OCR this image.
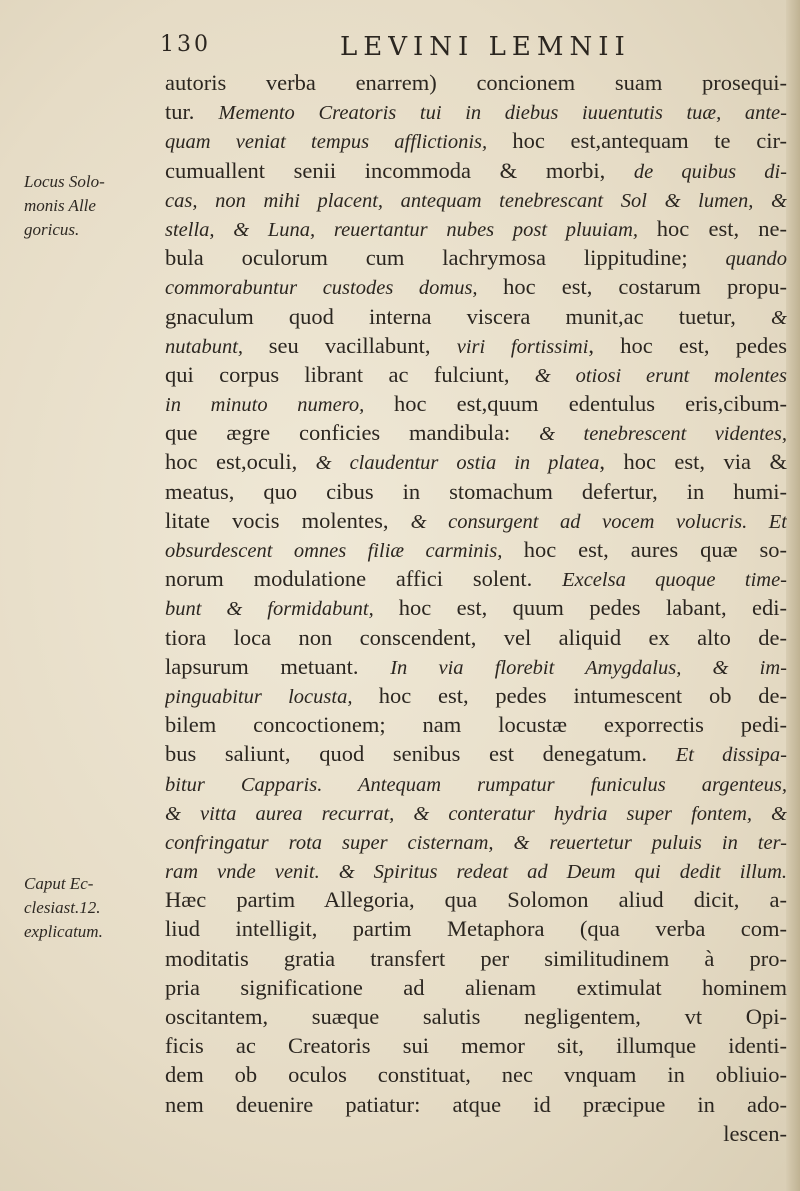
130	LEVINI LEMNII
Locus Solo-
monis Alle
goricus.
Caput Ec-
clesiast.12.
explicatum.
autoris verba enarrem) concionem suam prosequi-
tur. Memento Creatoris tui in diebus iuuentutis tuæ, ante-
quam veniat tempus afflictionis, hoc est,antequam te cir-
cumuallent senii incommoda & morbi, de quibus di-
cas, non mihi placent, antequam tenebrescant Sol & lumen, &
stella, & Luna, reuertantur nubes post pluuiam, hoc est, ne-
bula oculorum cum lachrymosa lippitudine; quando
commorabuntur custodes domus, hoc est, costarum propu-
gnaculum quod interna viscera munit,ac tuetur, &
nutabunt, seu vacillabunt, viri fortissimi, hoc est, pedes
qui corpus librant ac fulciunt, & otiosi erunt molentes
in minuto numero, hoc est,quum edentulus eris,cibum-
que ægre conficies mandibula: & tenebrescent videntes,
hoc est,oculi, & claudentur ostia in platea, hoc est, via &
meatus, quo cibus in stomachum defertur, in humi-
litate vocis molentes, & consurgent ad vocem volucris. Et
obsurdescent omnes filiæ carminis, hoc est, aures quæ so-
norum modulatione affici solent. Excelsa quoque time-
bunt & formidabunt, hoc est, quum pedes labant, edi-
tiora loca non conscendent, vel aliquid ex alto de-
lapsurum metuant. In via florebit Amygdalus, & im-
pinguabitur locusta, hoc est, pedes intumescent ob de-
bilem concoctionem; nam locustæ exporrectis pedi-
bus saliunt, quod senibus est denegatum. Et dissipa-
bitur Capparis. Antequam rumpatur funiculus argenteus,
& vitta aurea recurrat, & conteratur hydria super fontem, &
confringatur rota super cisternam, & reuertetur puluis in ter-
ram vnde venit. & Spiritus redeat ad Deum qui dedit illum.
Hæc partim Allegoria, qua Solomon aliud dicit, a-
liud intelligit, partim Metaphora (qua verba com-
moditatis gratia transfert per similitudinem à pro-
pria significatione ad alienam extimulat hominem
oscitantem, suæque salutis negligentem, vt Opi-
ficis ac Creatoris sui memor sit, illumque identi-
dem ob oculos constituat, nec vnquam in obliuio-
nem deuenire patiatur: atque id præcipue in ado-
lescen-
